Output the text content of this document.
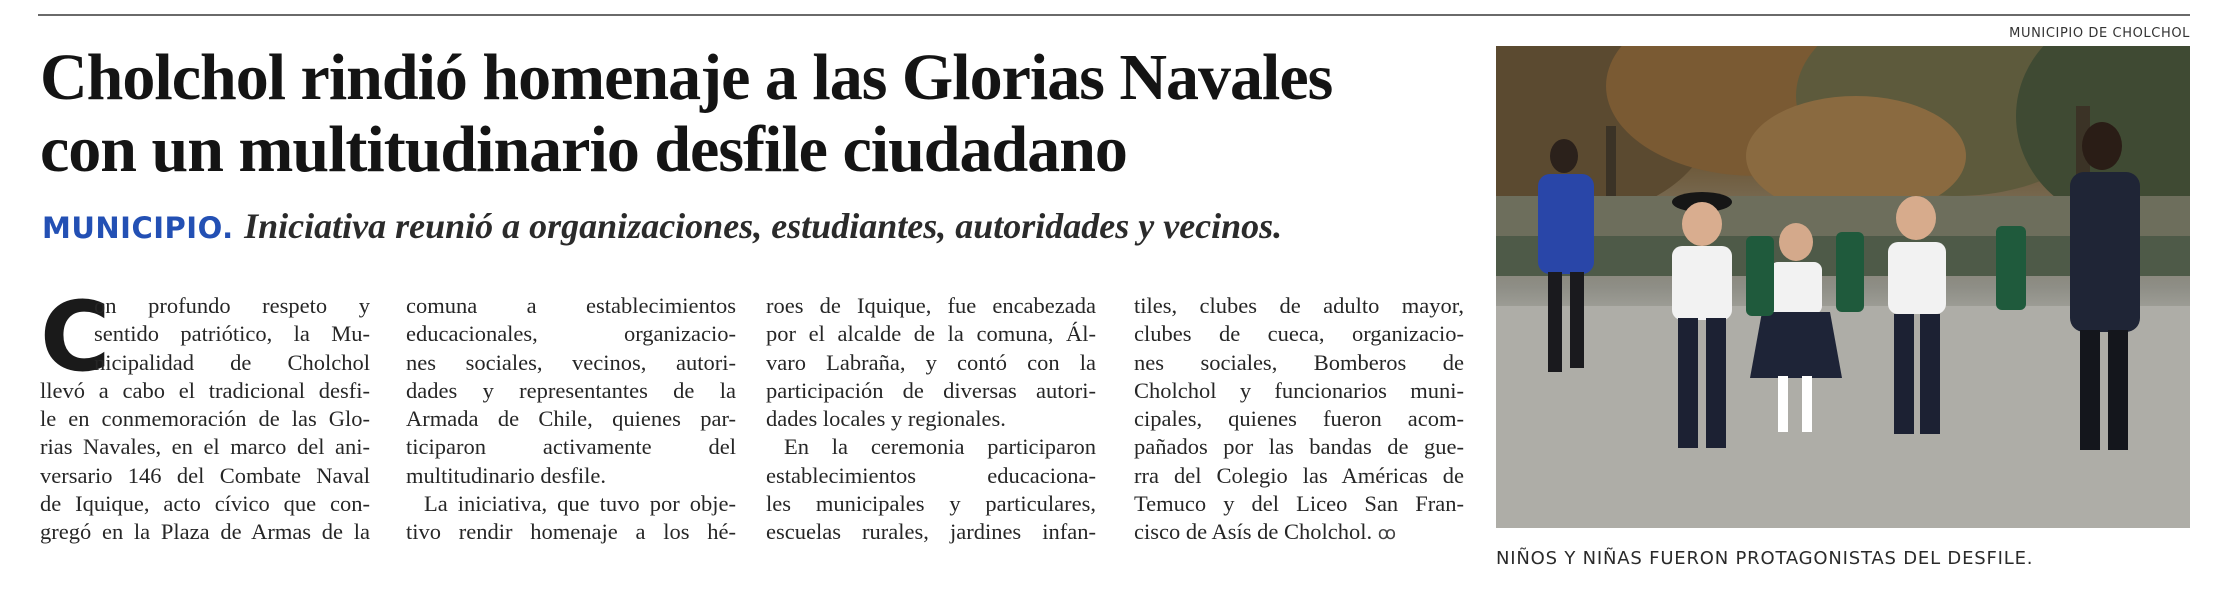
Cholchol rindió homenaje a las Glorias Navales
con un multitudinario desfile ciudadano
MUNICIPIO. Iniciativa reunió a organizaciones, estudiantes, autoridades y vecinos.
C
on profundo respeto y
sentido patriótico, la Mu-
nicipalidad de Cholchol
llevó a cabo el tradicional desfi-
le en conmemoración de las Glo-
rias Navales, en el marco del ani-
versario 146 del Combate Naval
de Iquique, acto cívico que con-
gregó en la Plaza de Armas de la
comuna a establecimientos
educacionales, organizacio-
nes sociales, vecinos, autori-
dades y representantes de la
Armada de Chile, quienes par-
ticiparon activamente del
multitudinario desfile.
La iniciativa, que tuvo por obje-
tivo rendir homenaje a los hé-
roes de Iquique, fue encabezada
por el alcalde de la comuna, Ál-
varo Labraña, y contó con la
participación de diversas autori-
dades locales y regionales.
En la ceremonia participaron
establecimientos educaciona-
les municipales y particulares,
escuelas rurales, jardines infan-
tiles, clubes de adulto mayor,
clubes de cueca, organizacio-
nes sociales, Bomberos de
Cholchol y funcionarios muni-
cipales, quienes fueron acom-
pañados por las bandas de gue-
rra del Colegio las Américas de
Temuco y del Liceo San Fran-
cisco de Asís de Cholchol. ꝏ
MUNICIPIO DE CHOLCHOL
NIÑOS Y NIÑAS FUERON PROTAGONISTAS DEL DESFILE.
